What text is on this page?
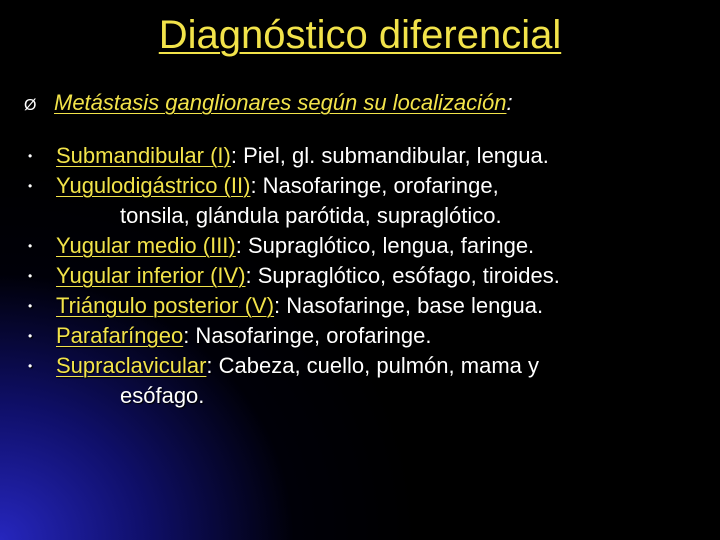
Diagnóstico diferencial
Ø Metástasis ganglionares según su localización:
• Submandibular (I): Piel, gl. submandibular, lengua.
• Yugulodigástrico (II): Nasofaringe, orofaringe,
tonsila, glándula parótida, supraglótico.
• Yugular medio (III): Supraglótico, lengua, faringe.
• Yugular inferior (IV): Supraglótico, esófago, tiroides.
• Triángulo posterior (V): Nasofaringe, base lengua.
• Parafaríngeo: Nasofaringe, orofaringe.
• Supraclavicular: Cabeza, cuello, pulmón, mama y
esófago.
